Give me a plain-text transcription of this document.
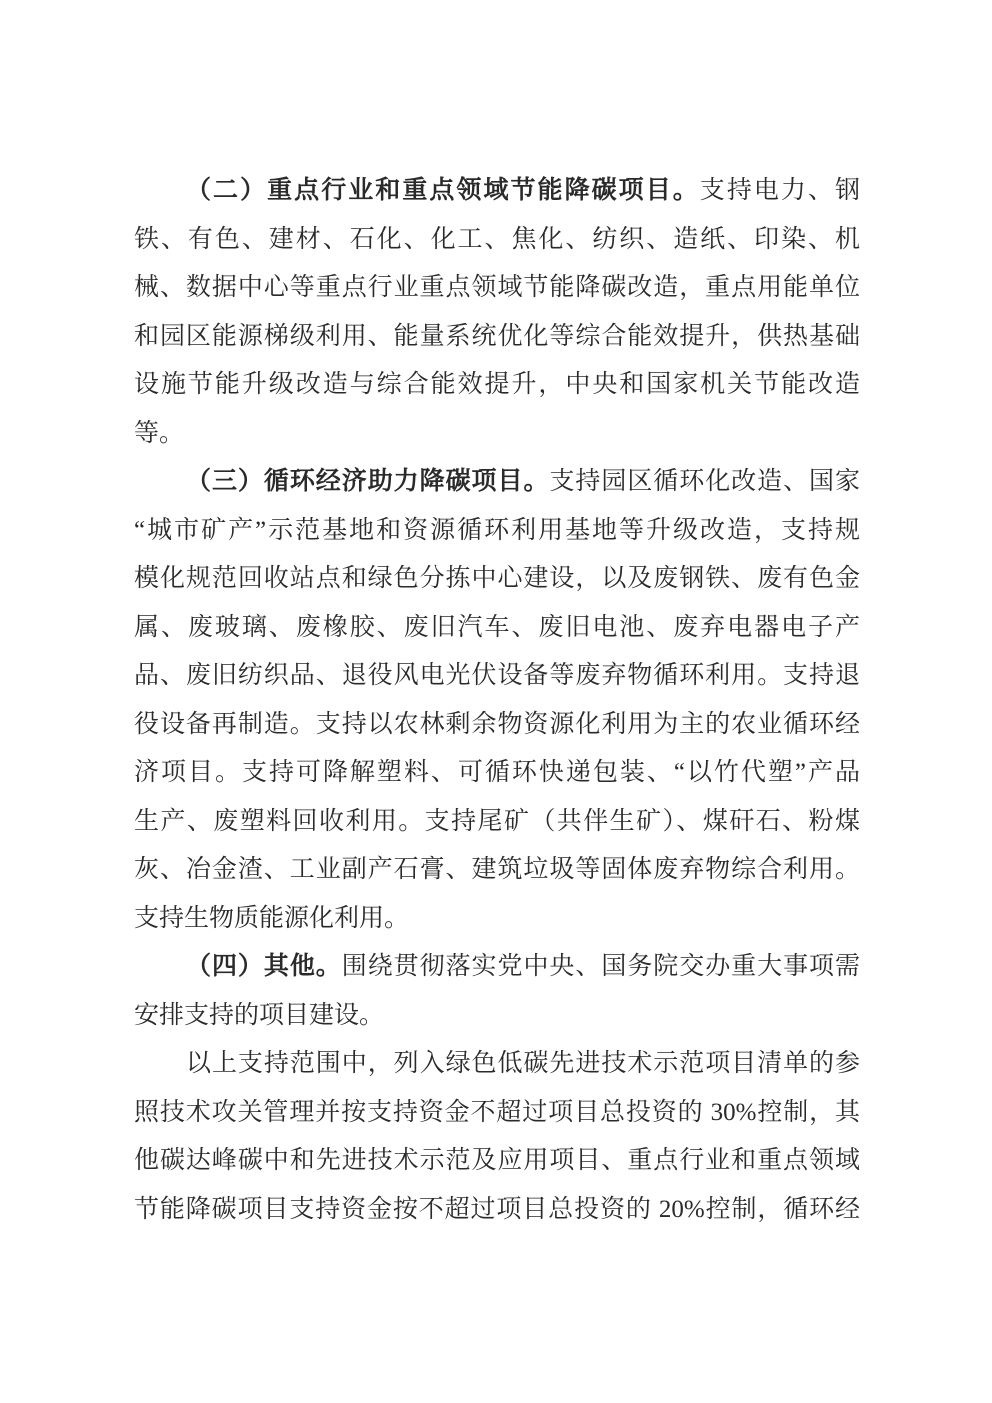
（二）重点行业和重点领域节能降碳项目。支持电力、钢
铁、有色、建材、石化、化工、焦化、纺织、造纸、印染、机
械、数据中心等重点行业重点领域节能降碳改造，重点用能单位
和园区能源梯级利用、能量系统优化等综合能效提升，供热基础
设施节能升级改造与综合能效提升，中央和国家机关节能改造
等。
（三）循环经济助力降碳项目。支持园区循环化改造、国家
“城市矿产”示范基地和资源循环利用基地等升级改造，支持规
模化规范回收站点和绿色分拣中心建设，以及废钢铁、废有色金
属、废玻璃、废橡胶、废旧汽车、废旧电池、废弃电器电子产
品、废旧纺织品、退役风电光伏设备等废弃物循环利用。支持退
役设备再制造。支持以农林剩余物资源化利用为主的农业循环经
济项目。支持可降解塑料、可循环快递包装、“以竹代塑”产品
生产、废塑料回收利用。支持尾矿（共伴生矿）、煤矸石、粉煤
灰、冶金渣、工业副产石膏、建筑垃圾等固体废弃物综合利用。
支持生物质能源化利用。
（四）其他。围绕贯彻落实党中央、国务院交办重大事项需
安排支持的项目建设。
以上支持范围中，列入绿色低碳先进技术示范项目清单的参
照技术攻关管理并按支持资金不超过项目总投资的 30%控制，其
他碳达峰碳中和先进技术示范及应用项目、重点行业和重点领域
节能降碳项目支持资金按不超过项目总投资的 20%控制，循环经
